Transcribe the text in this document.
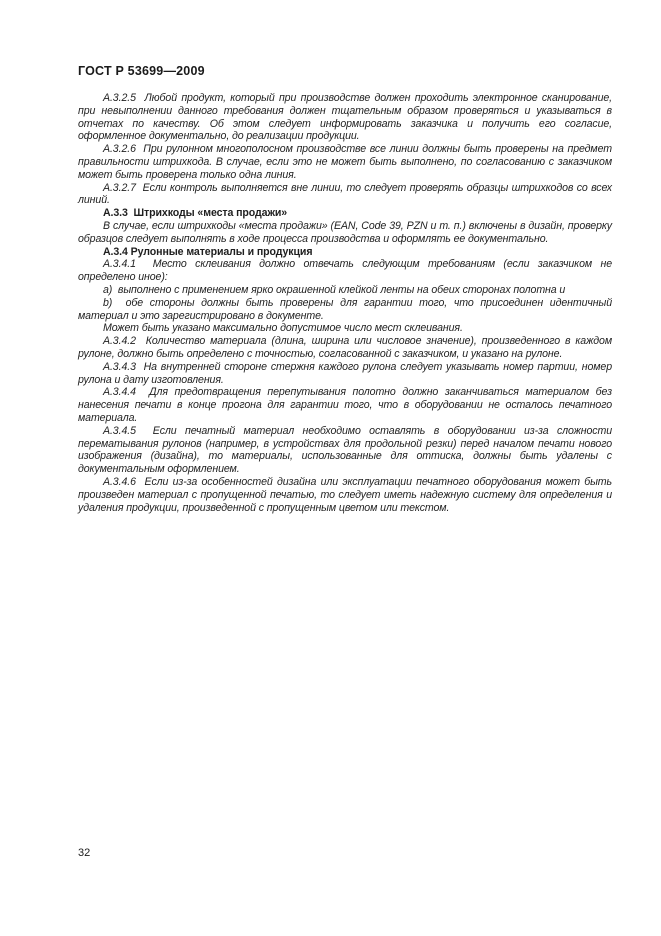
ГОСТ Р 53699—2009

А.3.2.5  Любой продукт, который при производстве должен проходить электронное сканирование, при невыполнении данного требования должен тщательным образом проверяться и указываться в отчетах по качеству. Об этом следует информировать заказчика и получить его согласие, оформленное документально, до реализации продукции.

А.3.2.6  При рулонном многополосном производстве все линии должны быть проверены на предмет правильности штрихкода. В случае, если это не может быть выполнено, по согласованию с заказчиком может быть проверена только одна линия.

А.3.2.7  Если контроль выполняется вне линии, то следует проверять образцы штрихкодов со всех линий.

А.3.3  Штрихкоды «места продажи»

В случае, если штрихкоды «места продажи» (EAN, Code 39, PZN и т. п.) включены в дизайн, проверку образцов следует выполнять в ходе процесса производства и оформлять ее документально.

А.3.4 Рулонные материалы и продукция

А.3.4.1  Место склеивания должно отвечать следующим требованиям (если заказчиком не определено иное):

a)  выполнено с применением ярко окрашенной клейкой ленты на обеих сторонах полотна и

b)  обе стороны должны быть проверены для гарантии того, что присоединен идентичный материал и это зарегистрировано в документе.

Может быть указано максимально допустимое число мест склеивания.

А.3.4.2  Количество материала (длина, ширина или числовое значение), произведенного в каждом рулоне, должно быть определено с точностью, согласованной с заказчиком, и указано на рулоне.

А.3.4.3  На внутренней стороне стержня каждого рулона следует указывать номер партии, номер рулона и дату изготовления.

А.3.4.4  Для предотвращения перепутывания полотно должно заканчиваться материалом без нанесения печати в конце прогона для гарантии того, что в оборудовании не осталось печатного материала.

А.3.4.5  Если печатный материал необходимо оставлять в оборудовании из-за сложности перематывания рулонов (например, в устройствах для продольной резки) перед началом печати нового изображения (дизайна), то материалы, использованные для оттиска, должны быть удалены с документальным оформлением.

А.3.4.6  Если из-за особенностей дизайна или эксплуатации печатного оборудования может быть произведен материал с пропущенной печатью, то следует иметь надежную систему для определения и удаления продукции, произведенной с пропущенным цветом или текстом.

32
